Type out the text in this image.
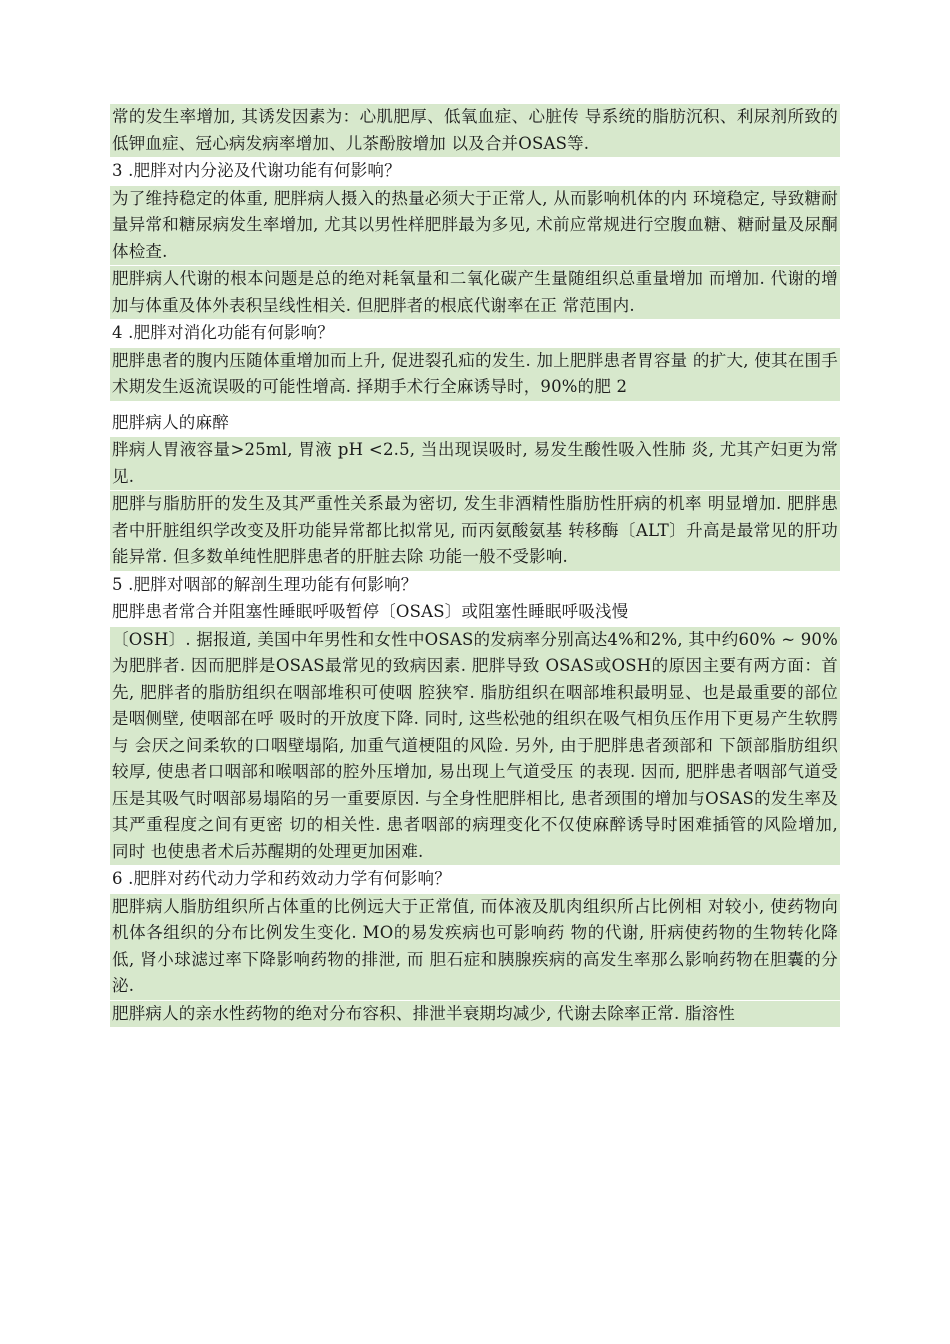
常的发生率增加, 其诱发因素为：心肌肥厚、低氧血症、心脏传 导系统的脂肪沉积、利尿剂所致的低钾血症、冠心病发病率增加、儿茶酚胺增加 以及合并OSAS等.
3 .肥胖对内分泌及代谢功能有何影响？
为了维持稳定的体重, 肥胖病人摄入的热量必须大于正常人, 从而影响机体的内 环境稳定, 导致糖耐量异常和糖尿病发生率增加, 尤其以男性样肥胖最为多见, 术前应常规进行空腹血糖、糖耐量及尿酮体检查.
肥胖病人代谢的根本问题是总的绝对耗氧量和二氧化碳产生量随组织总重量增加 而增加. 代谢的增加与体重及体外表积呈线性相关. 但肥胖者的根底代谢率在正 常范围内.
4 .肥胖对消化功能有何影响？
肥胖患者的腹内压随体重增加而上升, 促进裂孔疝的发生. 加上肥胖患者胃容量 的扩大, 使其在围手术期发生返流误吸的可能性增高. 择期手术行全麻诱导时，90%的肥 2
肥胖病人的麻醉
胖病人胃液容量>25ml, 胃液 pH <2.5, 当出现误吸时, 易发生酸性吸入性肺 炎, 尤其产妇更为常见.
肥胖与脂肪肝的发生及其严重性关系最为密切, 发生非酒精性脂肪性肝病的机率 明显增加. 肥胖患者中肝脏组织学改变及肝功能异常都比拟常见, 而丙氨酸氨基 转移酶〔ALT〕升高是最常见的肝功能异常. 但多数单纯性肥胖患者的肝脏去除 功能一般不受影响.
5 .肥胖对咽部的解剖生理功能有何影响？
肥胖患者常合并阻塞性睡眠呼吸暂停〔OSAS〕或阻塞性睡眠呼吸浅慢
〔OSH〕. 据报道, 美国中年男性和女性中OSAS的发病率分别高达4%和2%, 其中约60% ~ 90%为肥胖者. 因而肥胖是OSAS最常见的致病因素. 肥胖导致 OSAS或OSH的原因主要有两方面：首先, 肥胖者的脂肪组织在咽部堆积可使咽 腔狭窄. 脂肪组织在咽部堆积最明显、也是最重要的部位是咽侧壁, 使咽部在呼 吸时的开放度下降. 同时, 这些松弛的组织在吸气相负压作用下更易产生软腭与 会厌之间柔软的口咽壁塌陷, 加重气道梗阻的风险. 另外, 由于肥胖患者颈部和 下颌部脂肪组织较厚, 使患者口咽部和喉咽部的腔外压增加, 易出现上气道受压 的表现. 因而, 肥胖患者咽部气道受压是其吸气时咽部易塌陷的另一重要原因. 与全身性肥胖相比, 患者颈围的增加与OSAS的发生率及其严重程度之间有更密 切的相关性. 患者咽部的病理变化不仅使麻醉诱导时困难插管的风险增加, 同时 也使患者术后苏醒期的处理更加困难.
6 .肥胖对药代动力学和药效动力学有何影响？
肥胖病人脂肪组织所占体重的比例远大于正常值, 而体液及肌肉组织所占比例相 对较小, 使药物向机体各组织的分布比例发生变化. MO的易发疾病也可影响药 物的代谢, 肝病使药物的生物转化降低, 肾小球滤过率下降影响药物的排泄, 而 胆石症和胰腺疾病的高发生率那么影响药物在胆囊的分泌.
肥胖病人的亲水性药物的绝对分布容积、排泄半衰期均减少, 代谢去除率正常. 脂溶性
